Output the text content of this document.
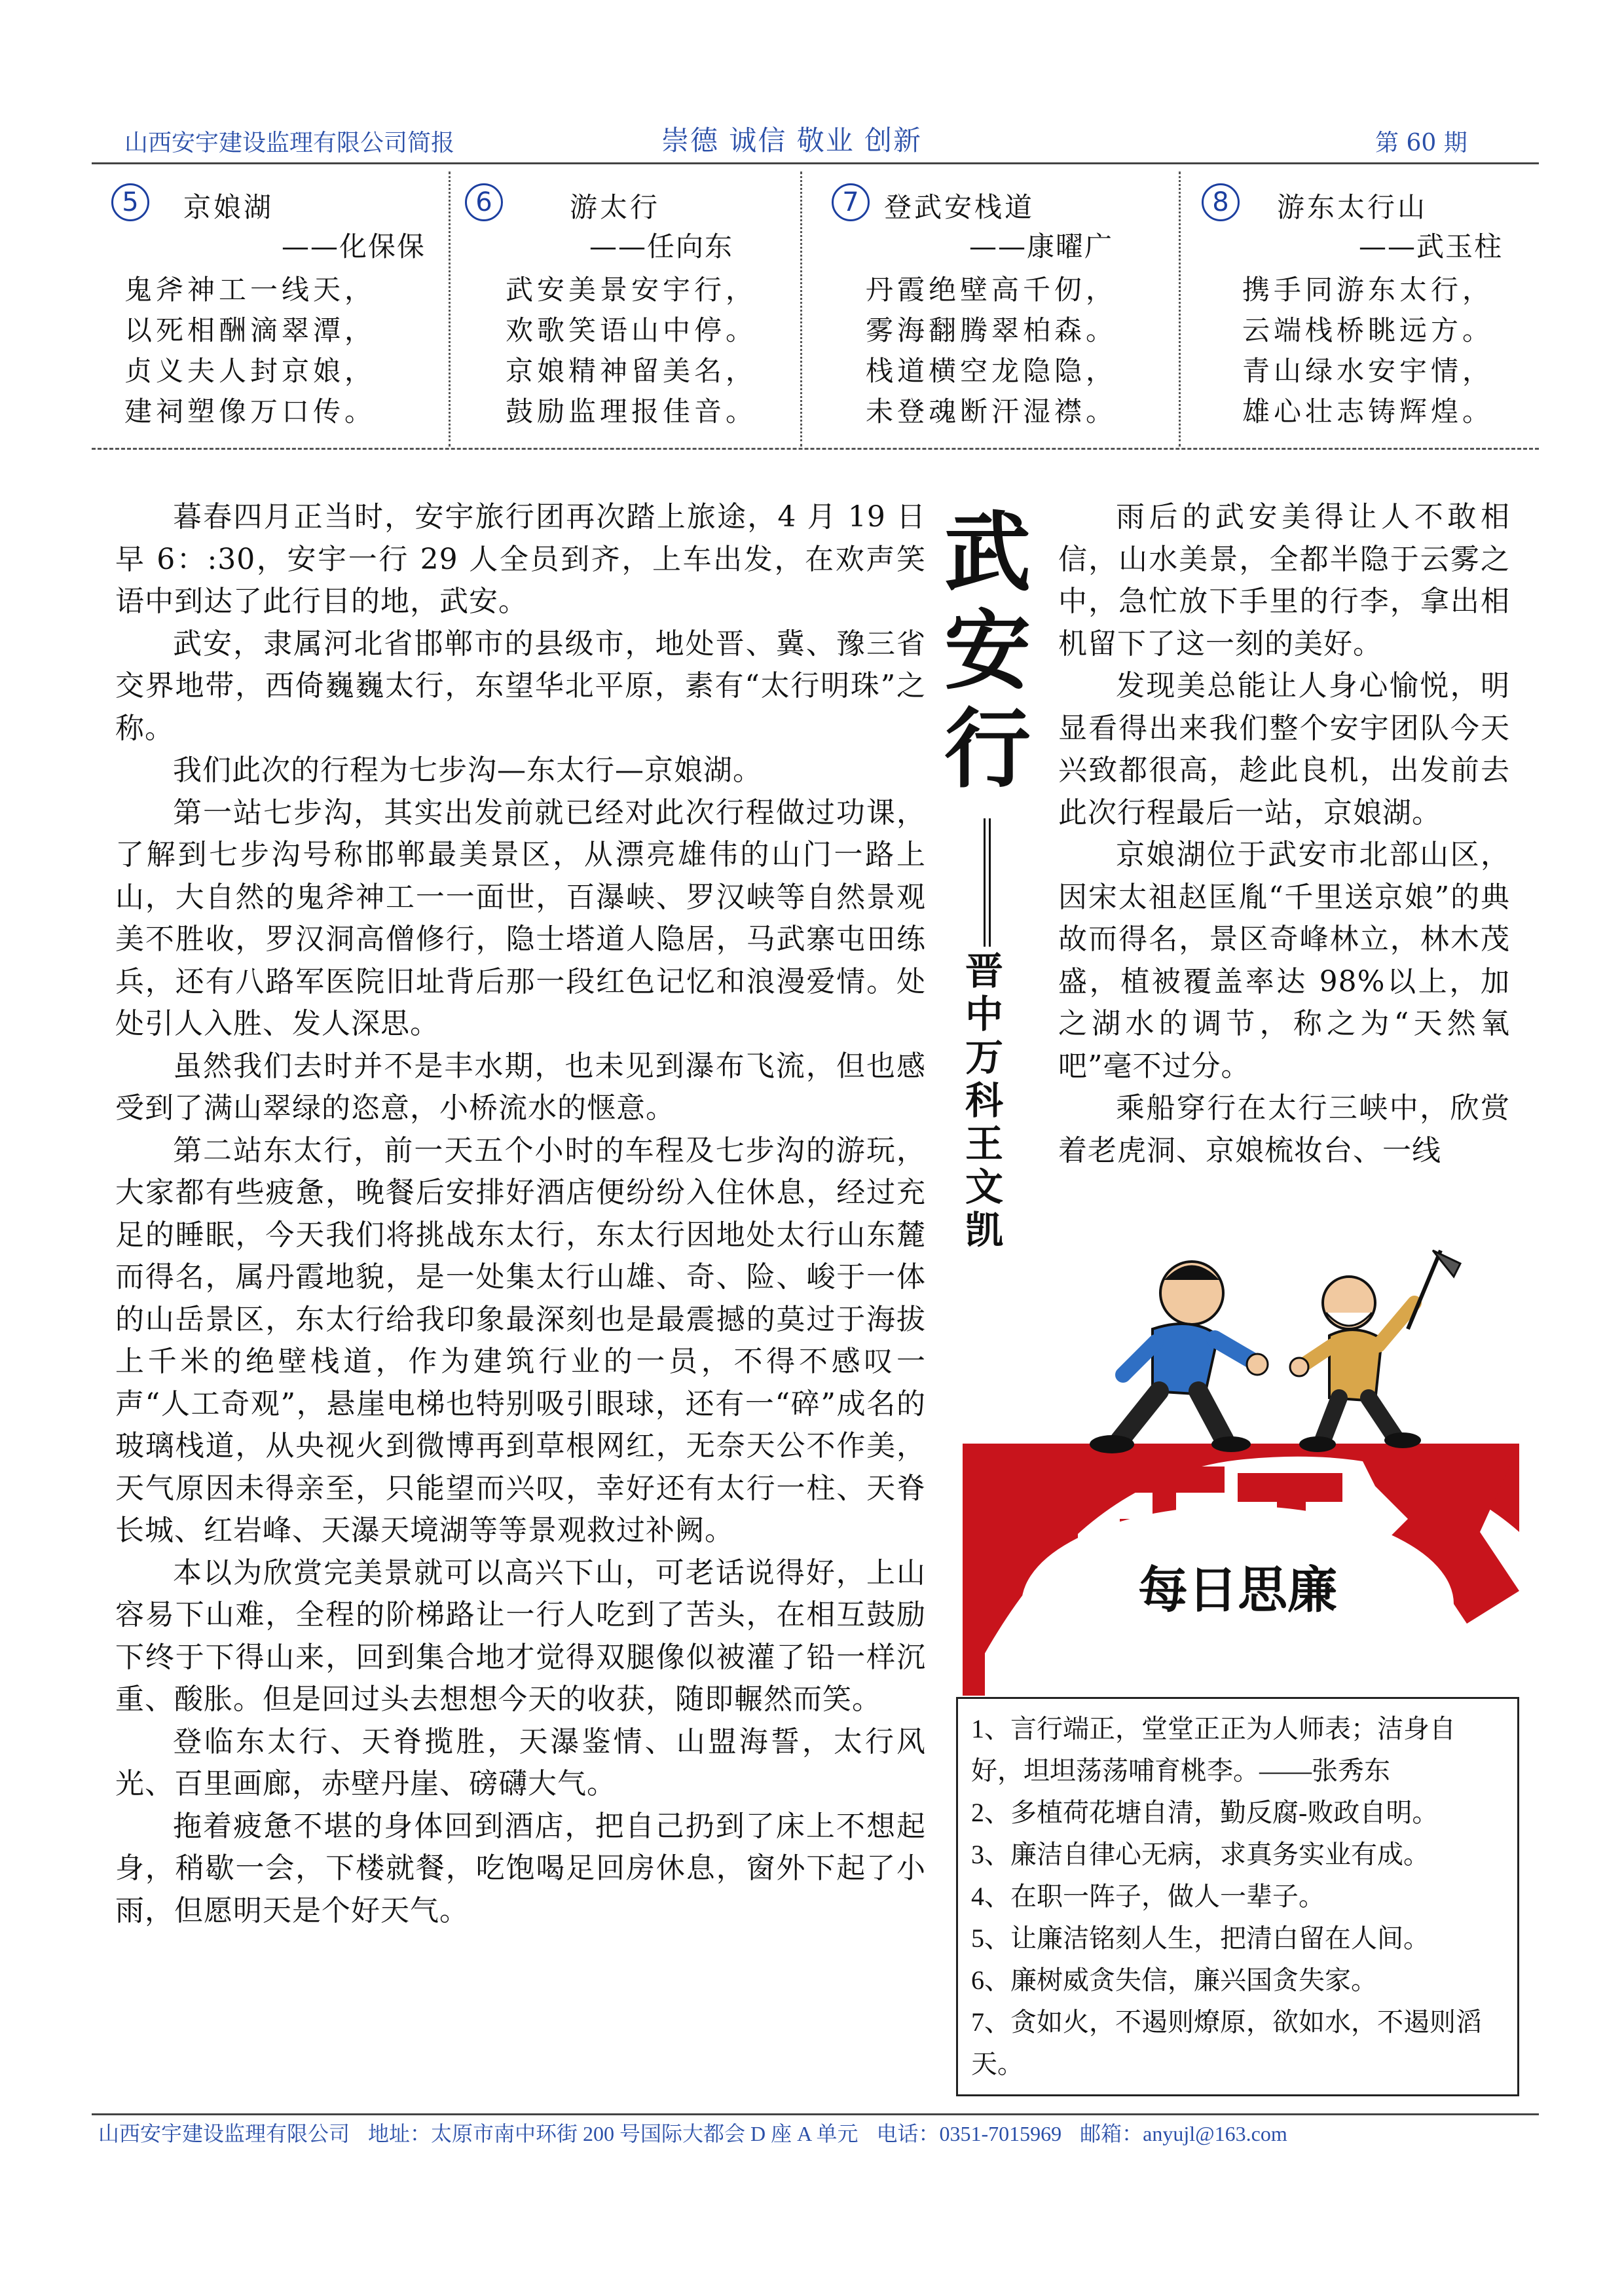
山西安宇建设监理有限公司简报	崇德 诚信 敬业 创新	第 60 期
5	京娘湖
——化保保
鬼斧神工一线天，
以死相酬滴翠潭，
贞义夫人封京娘，
建祠塑像万口传。
6	游太行
——任向东
武安美景安宇行，
欢歌笑语山中停。
京娘精神留美名，
鼓励监理报佳音。
7 登武安栈道
——康曜广
丹霞绝壁高千仞，
雾海翻腾翠柏森。
栈道横空龙隐隐，
未登魂断汗湿襟。
8	游东太行山
——武玉柱
携手同游东太行，
云端栈桥眺远方。
青山绿水安宇情，
雄心壮志铸辉煌。

暮春四月正当时，安宇旅行团再次踏上旅途，4 月 19 日早 6：:30，安宇一行 29 人全员到齐，上车出发，在欢声笑语中到达了此行目的地，武安。

武安，隶属河北省邯郸市的县级市，地处晋、冀、豫三省交界地带，西倚巍巍太行，东望华北平原，素有“太行明珠”之称。

我们此次的行程为七步沟—东太行—京娘湖。

第一站七步沟，其实出发前就已经对此次行程做过功课，了解到七步沟号称邯郸最美景区，从漂亮雄伟的山门一路上山，大自然的鬼斧神工一一面世，百瀑峡、罗汉峡等自然景观美不胜收，罗汉洞高僧修行，隐士塔道人隐居，马武寨屯田练兵，还有八路军医院旧址背后那一段红色记忆和浪漫爱情。处处引人入胜、发人深思。

虽然我们去时并不是丰水期，也未见到瀑布飞流，但也感受到了满山翠绿的恣意，小桥流水的惬意。

第二站东太行，前一天五个小时的车程及七步沟的游玩，大家都有些疲惫，晚餐后安排好酒店便纷纷入住休息，经过充足的睡眠，今天我们将挑战东太行，东太行因地处太行山东麓而得名，属丹霞地貌，是一处集太行山雄、奇、险、峻于一体的山岳景区，东太行给我印象最深刻也是最震撼的莫过于海拔上千米的绝壁栈道，作为建筑行业的一员，不得不感叹一声“人工奇观”，悬崖电梯也特别吸引眼球，还有一“碎”成名的玻璃栈道，从央视火到微博再到草根网红，无奈天公不作美，天气原因未得亲至，只能望而兴叹，幸好还有太行一柱、天脊长城、红岩峰、天瀑天境湖等等景观救过补阙。

本以为欣赏完美景就可以高兴下山，可老话说得好，上山容易下山难，全程的阶梯路让一行人吃到了苦头，在相互鼓励下终于下得山来，回到集合地才觉得双腿像似被灌了铅一样沉重、酸胀。但是回过头去想想今天的收获，随即輾然而笑。

登临东太行、天脊揽胜，天瀑鉴情、山盟海誓，太行风光、百里画廊，赤壁丹崖、磅礴大气。

拖着疲惫不堪的身体回到酒店，把自己扔到了床上不想起身，稍歇一会，下楼就餐，吃饱喝足回房休息，窗外下起了小雨，但愿明天是个好天气。

武
安
行
晋
中
万
科
王
文
凯

雨后的武安美得让人不敢相信，山水美景，全都半隐于云雾之中，急忙放下手里的行李，拿出相机留下了这一刻的美好。

发现美总能让人身心愉悦，明显看得出来我们整个安宇团队今天兴致都很高，趁此良机，出发前去此次行程最后一站，京娘湖。

京娘湖位于武安市北部山区，因宋太祖赵匡胤“千里送京娘”的典故而得名，景区奇峰林立，林木茂盛，植被覆盖率达 98%以上，加之湖水的调节，称之为“天然氧吧”毫不过分。

乘船穿行在太行三峡中，欣赏着老虎洞、京娘梳妆台、一线

每日思廉
1、言行端正，堂堂正正为人师表；洁身自好，坦坦荡荡哺育桃李。——张秀东
2、多植荷花塘自清，勤反腐-败政自明。
3、廉洁自律心无病，求真务实业有成。
4、在职一阵子，做人一辈子。
5、让廉洁铭刻人生，把清白留在人间。
6、廉树威贪失信，廉兴国贪失家。
7、贪如火，不遏则燎原，欲如水，不遏则滔天。
山西安宇建设监理有限公司 地址：太原市南中环街 200 号国际大都会 D 座 A 单元 电话：0351-7015969 邮箱：anyujl@163.com
